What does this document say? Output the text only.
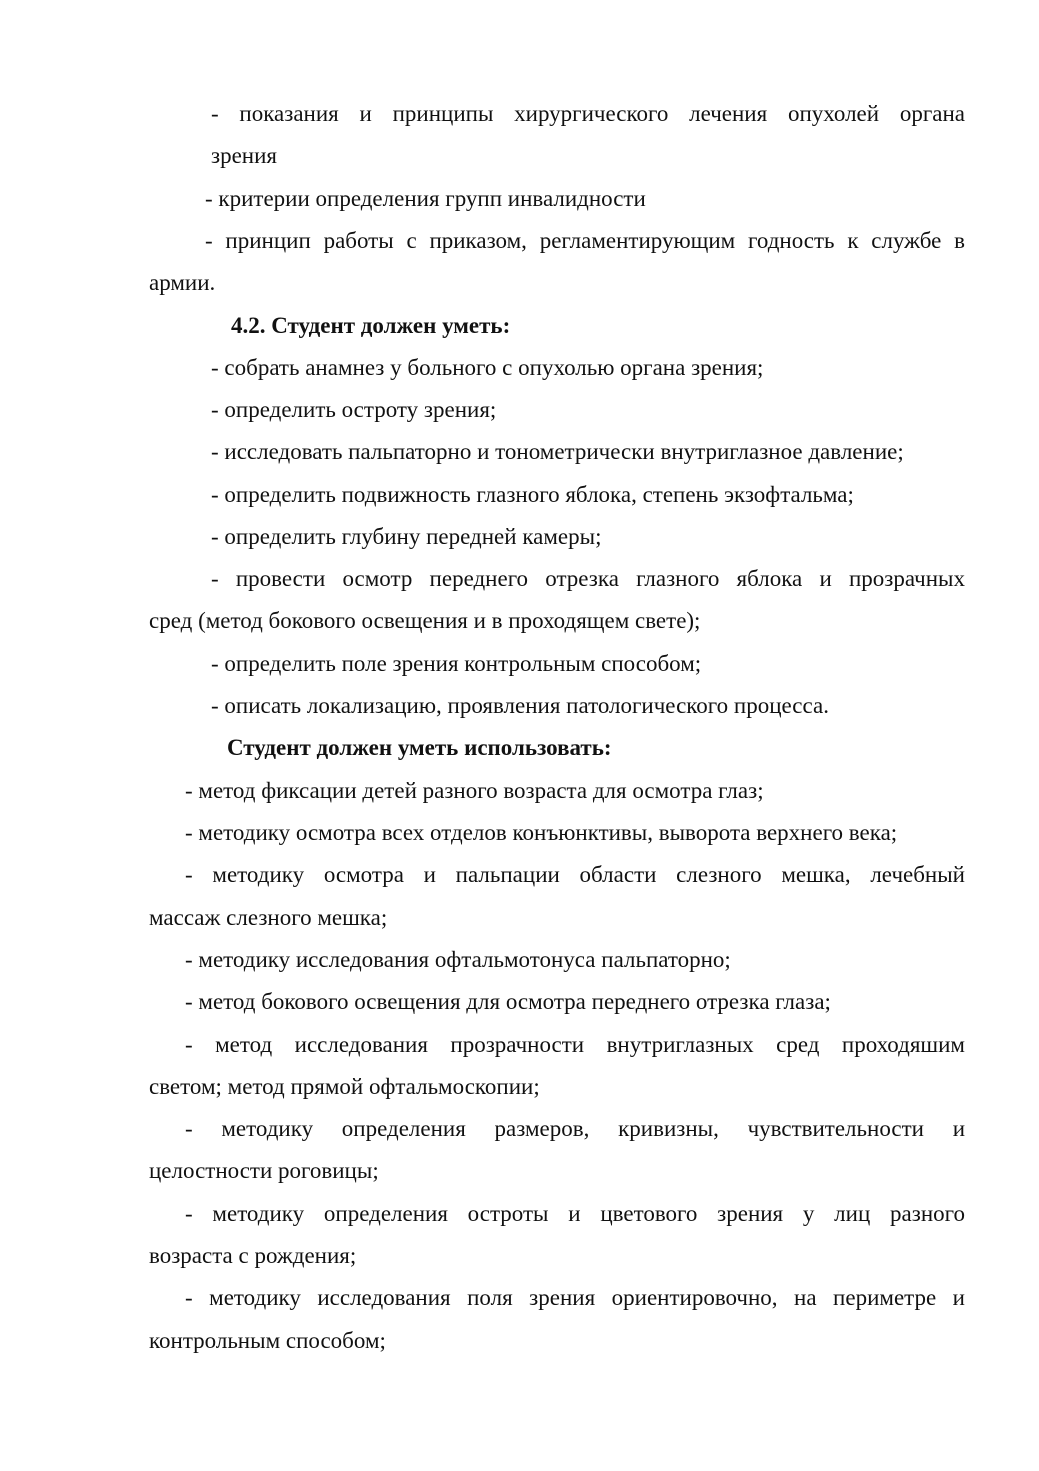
- показания и принципы хирургического лечения опухолей органа
зрения
- критерии определения групп инвалидности
- принцип работы с приказом, регламентирующим годность к службе в
армии.
4.2. Студент должен уметь:
- собрать анамнез у больного с опухолью органа зрения;
- определить остроту зрения;
- исследовать пальпаторно и тонометрически внутриглазное давление;
- определить подвижность глазного яблока, степень экзофтальма;
- определить глубину передней камеры;
- провести осмотр переднего отрезка глазного яблока и прозрачных
сред (метод бокового освещения и в проходящем свете);
- определить поле зрения контрольным способом;
- описать локализацию, проявления патологического процесса.
Студент должен уметь использовать:
- метод фиксации детей разного возраста для осмотра глаз;
- методику осмотра всех отделов конъюнктивы, выворота верхнего века;
- методику осмотра и пальпации области слезного мешка, лечебный
массаж слезного мешка;
- методику исследования офтальмотонуса пальпаторно;
- метод бокового освещения для осмотра переднего отрезка глаза;
- метод исследования прозрачности внутриглазных сред проходяшим
светом; метод прямой офтальмоскопии;
- методику определения размеров, кривизны, чувствительности и
целостности роговицы;
- методику определения остроты и цветового зрения у лиц разного
возраста с рождения;
- методику исследования поля зрения ориентировочно, на периметре и
контрольным способом;
